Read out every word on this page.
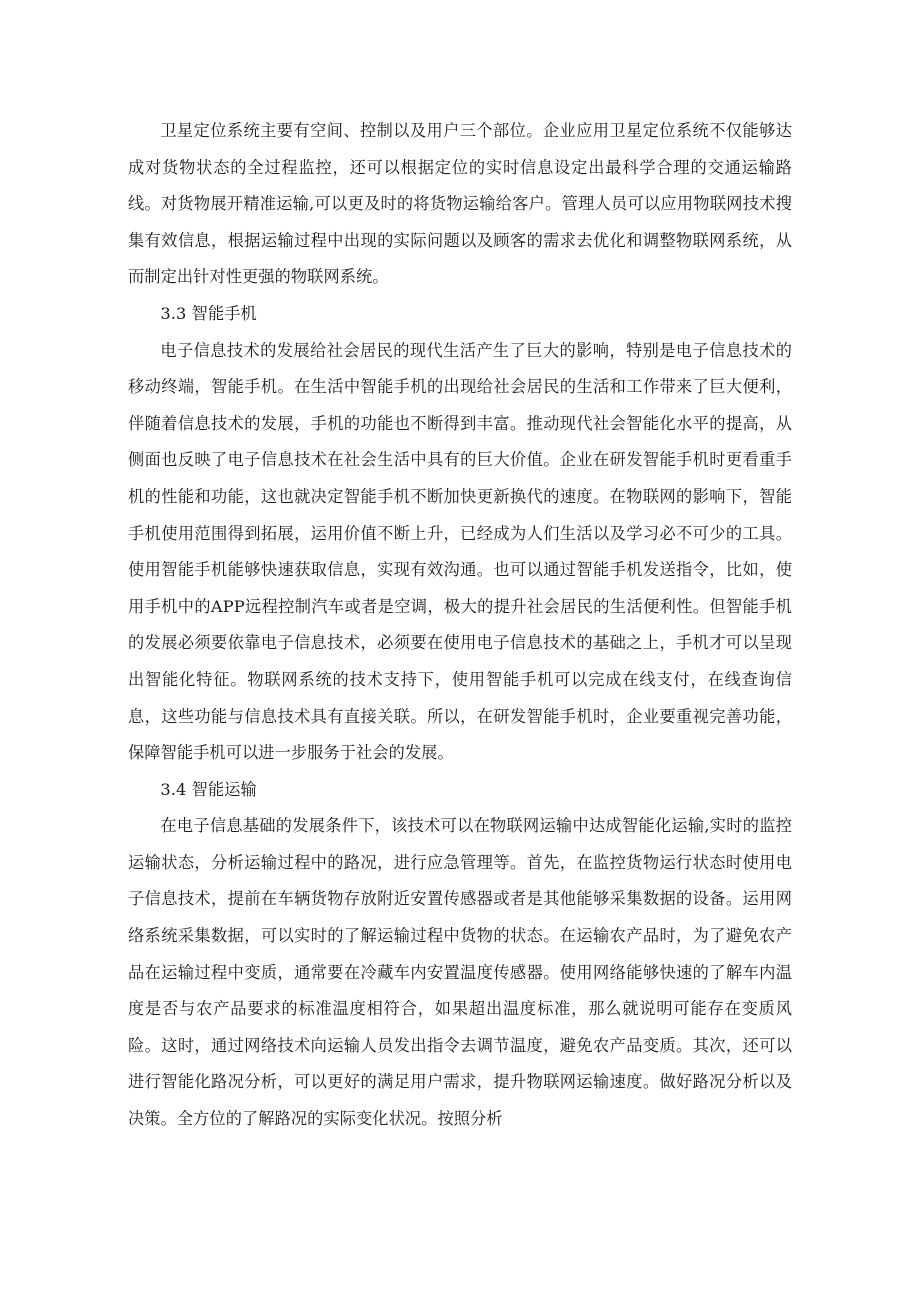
卫星定位系统主要有空间、控制以及用户三个部位。企业应用卫星定位系统不仅能够达成对货物状态的全过程监控，还可以根据定位的实时信息设定出最科学合理的交通运输路线。对货物展开精准运输,可以更及时的将货物运输给客户。管理人员可以应用物联网技术搜集有效信息，根据运输过程中出现的实际问题以及顾客的需求去优化和调整物联网系统，从而制定出针对性更强的物联网系统。

3.3 智能手机

电子信息技术的发展给社会居民的现代生活产生了巨大的影响，特别是电子信息技术的移动终端，智能手机。在生活中智能手机的出现给社会居民的生活和工作带来了巨大便利，伴随着信息技术的发展，手机的功能也不断得到丰富。推动现代社会智能化水平的提高，从侧面也反映了电子信息技术在社会生活中具有的巨大价值。企业在研发智能手机时更看重手机的性能和功能，这也就决定智能手机不断加快更新换代的速度。在物联网的影响下，智能手机使用范围得到拓展，运用价值不断上升，已经成为人们生活以及学习必不可少的工具。使用智能手机能够快速获取信息，实现有效沟通。也可以通过智能手机发送指令，比如，使用手机中的APP远程控制汽车或者是空调，极大的提升社会居民的生活便利性。但智能手机的发展必须要依靠电子信息技术，必须要在使用电子信息技术的基础之上，手机才可以呈现出智能化特征。物联网系统的技术支持下，使用智能手机可以完成在线支付，在线查询信息，这些功能与信息技术具有直接关联。所以，在研发智能手机时，企业要重视完善功能，保障智能手机可以进一步服务于社会的发展。

3.4 智能运输

在电子信息基础的发展条件下，该技术可以在物联网运输中达成智能化运输,实时的监控运输状态，分析运输过程中的路况，进行应急管理等。首先，在监控货物运行状态时使用电子信息技术，提前在车辆货物存放附近安置传感器或者是其他能够采集数据的设备。运用网络系统采集数据，可以实时的了解运输过程中货物的状态。在运输农产品时，为了避免农产品在运输过程中变质，通常要在冷藏车内安置温度传感器。使用网络能够快速的了解车内温度是否与农产品要求的标准温度相符合，如果超出温度标准，那么就说明可能存在变质风险。这时，通过网络技术向运输人员发出指令去调节温度，避免农产品变质。其次，还可以进行智能化路况分析，可以更好的满足用户需求，提升物联网运输速度。做好路况分析以及决策。全方位的了解路况的实际变化状况。按照分析
